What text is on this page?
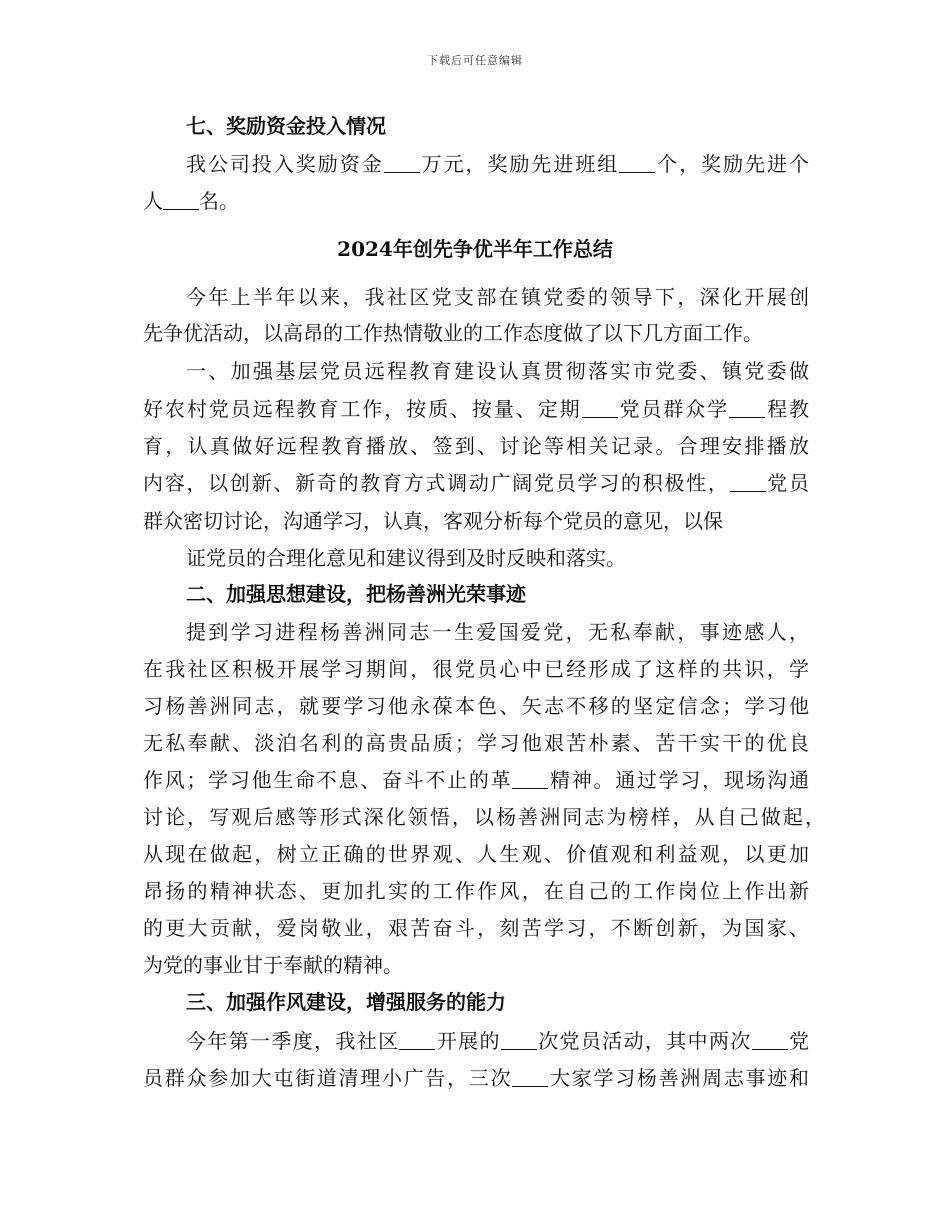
下载后可任意编辑
七、奖励资金投入情况
我公司投入奖励资金 万元，奖励先进班组 个，奖励先进个
人 名。
2024年创先争优半年工作总结
今年上半年以来，我社区党支部在镇党委的领导下，深化开展创
先争优活动，以高昂的工作热情敬业的工作态度做了以下几方面工作。
一、加强基层党员远程教育建设认真贯彻落实市党委、镇党委做
好农村党员远程教育工作，按质、按量、定期 党员群众学 程教
育，认真做好远程教育播放、签到、讨论等相关记录。合理安排播放
内容，以创新、新奇的教育方式调动广阔党员学习的积极性， 党员
群众密切讨论，沟通学习，认真，客观分析每个党员的意见，以保
证党员的合理化意见和建议得到及时反映和落实。
二、加强思想建设，把杨善洲光荣事迹
提到学习进程杨善洲同志一生爱国爱党，无私奉献，事迹感人，
在我社区积极开展学习期间，很党员心中已经形成了这样的共识，学
习杨善洲同志，就要学习他永葆本色、矢志不移的坚定信念；学习他
无私奉献、淡泊名利的高贵品质；学习他艰苦朴素、苦干实干的优良
作风；学习他生命不息、奋斗不止的革 精神。通过学习，现场沟通
讨论，写观后感等形式深化领悟，以杨善洲同志为榜样，从自己做起，
从现在做起，树立正确的世界观、人生观、价值观和利益观，以更加
昂扬的精神状态、更加扎实的工作作风，在自己的工作岗位上作出新
的更大贡献，爱岗敬业，艰苦奋斗，刻苦学习，不断创新，为国家、
为党的事业甘于奉献的精神。
三、加强作风建设，增强服务的能力
今年第一季度，我社区 开展的 次党员活动，其中两次 党
员群众参加大屯街道清理小广告，三次 大家学习杨善洲周志事迹和
